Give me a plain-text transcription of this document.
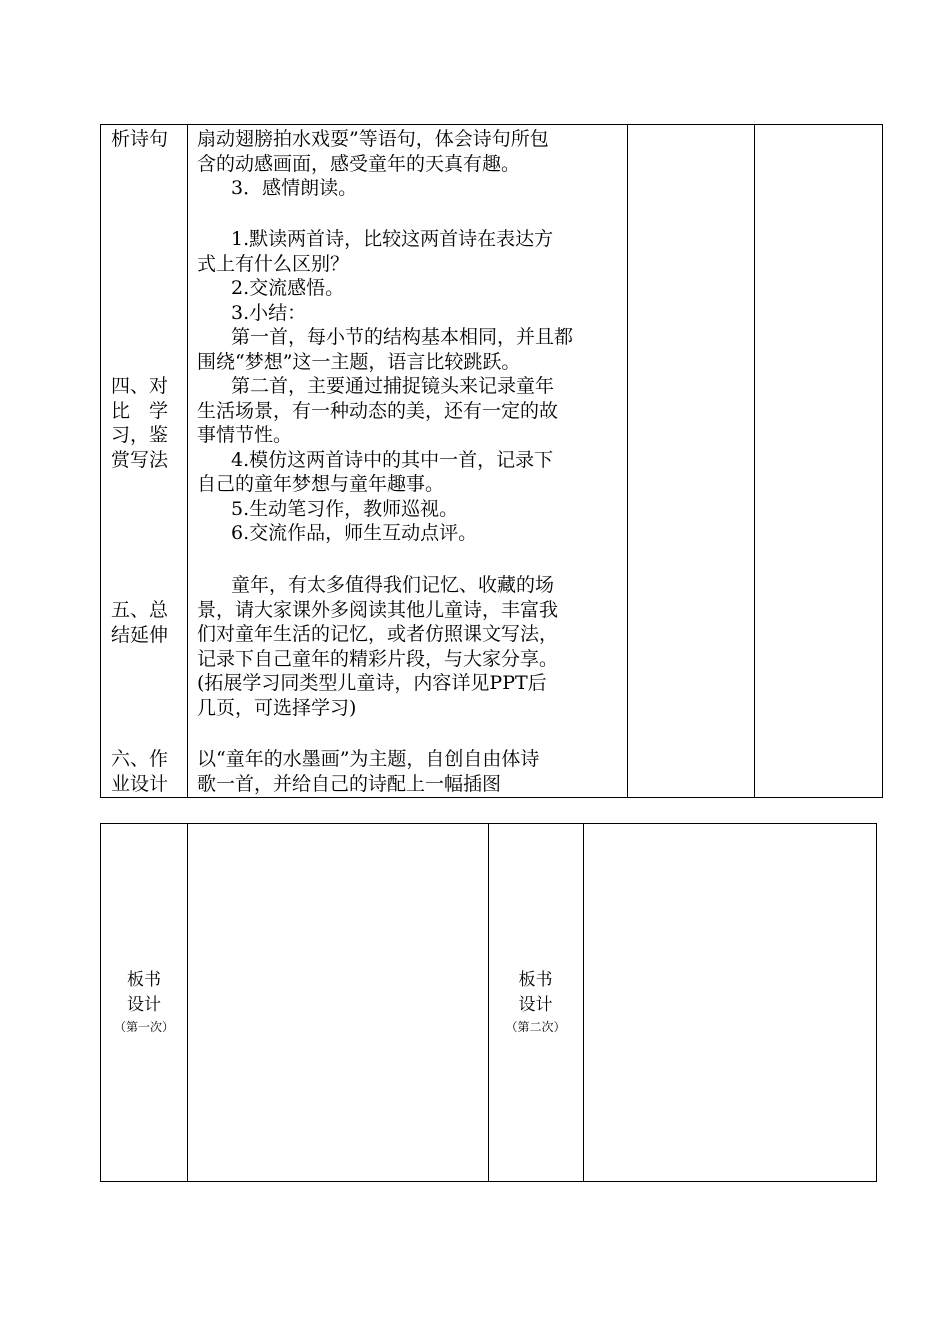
析诗句	扇动翅膀拍水戏耍”等语句，体会诗句所包
含的动感画面，感受童年的天真有趣。
3．感情朗读。
1.默读两首诗，比较这两首诗在表达方
式上有什么区别？
2.交流感悟。
3.小结：
第一首，每小节的结构基本相同，并且都
围绕“梦想”这一主题，语言比较跳跃。
第二首，主要通过捕捉镜头来记录童年
生活场景，有一种动态的美，还有一定的故
事情节性。
4.模仿这两首诗中的其中一首，记录下
自己的童年梦想与童年趣事。
5.生动笔习作，教师巡视。
6.交流作品，师生互动点评。
四、对
比　学
习，鉴
赏写法
童年，有太多值得我们记忆、收藏的场
景，请大家课外多阅读其他儿童诗，丰富我
们对童年生活的记忆，或者仿照课文写法，
记录下自己童年的精彩片段，与大家分享。
(拓展学习同类型儿童诗，内容详见PPT后
几页，可选择学习)
五、总
结延伸
六、作
业设计
以“童年的水墨画”为主题，自创自由体诗
歌一首，并给自己的诗配上一幅插图
板书
设计
（第一次）
板书
设计
（第二次）
